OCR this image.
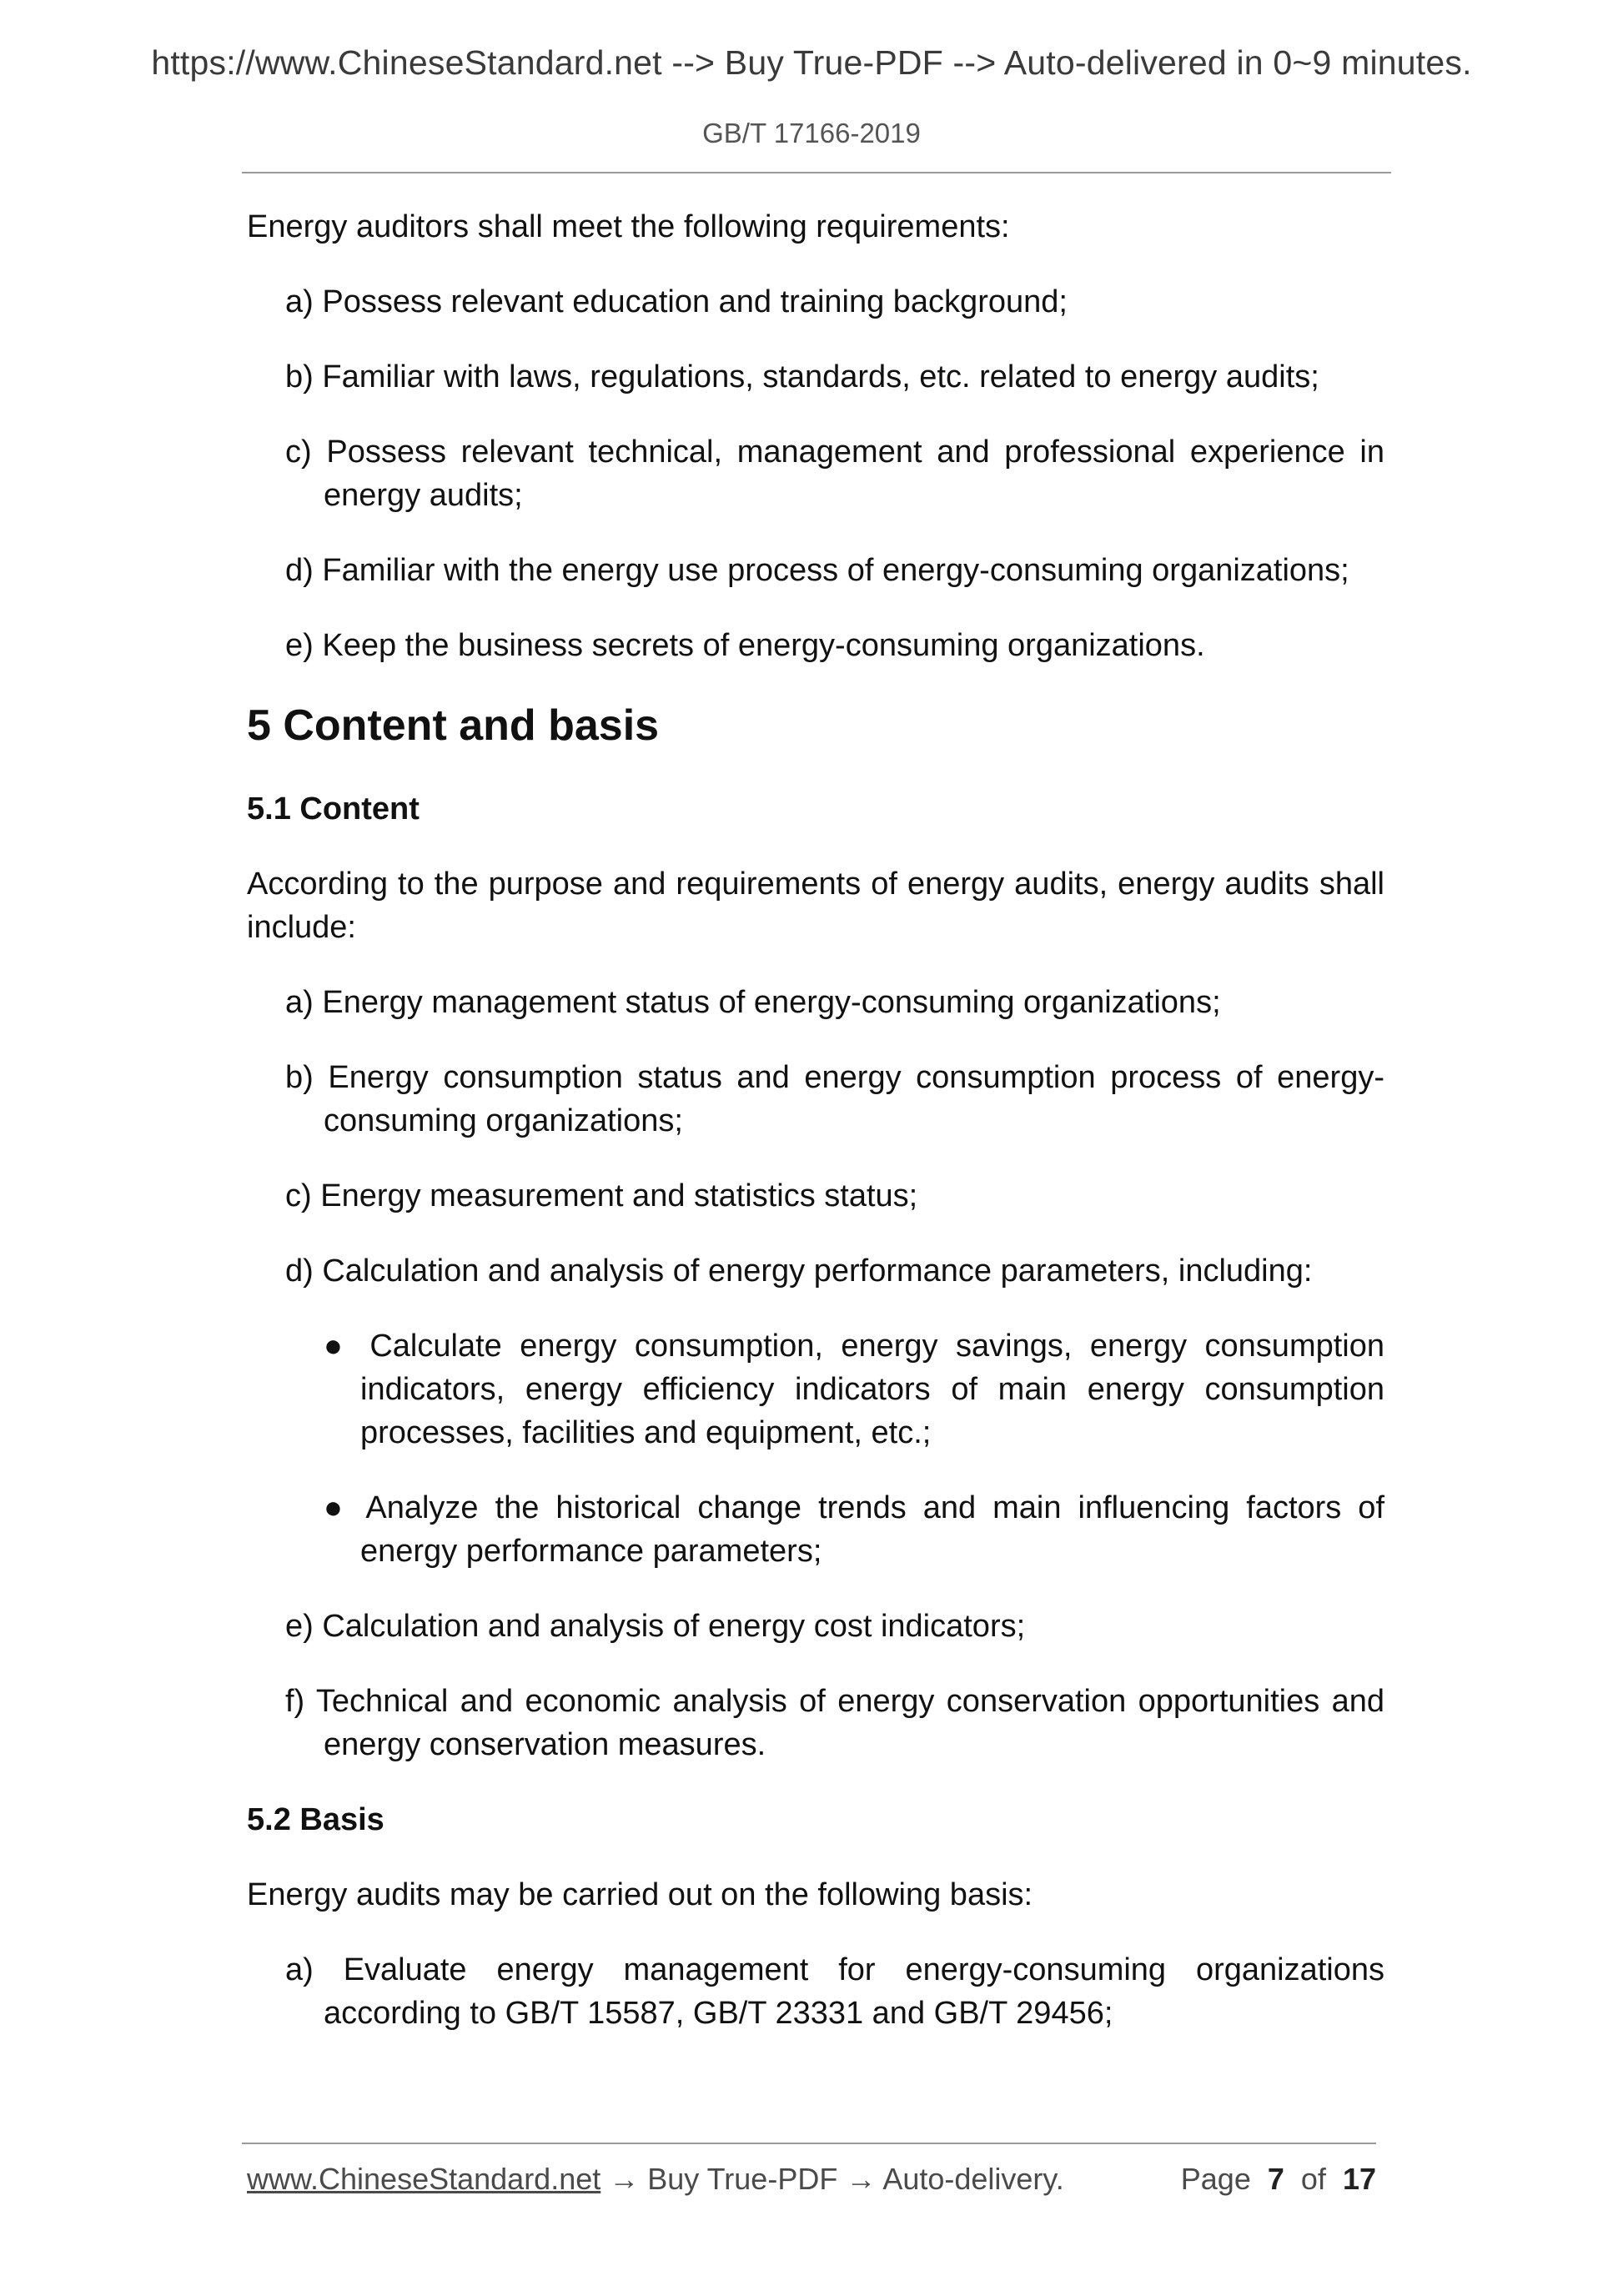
https://www.ChineseStandard.net --> Buy True-PDF --> Auto-delivered in 0~9 minutes.
GB/T 17166-2019

Energy auditors shall meet the following requirements:

a) Possess relevant education and training background;
b) Familiar with laws, regulations, standards, etc. related to energy audits;
c) Possess relevant technical, management and professional experience in energy audits;
d) Familiar with the energy use process of energy-consuming organizations;
e) Keep the business secrets of energy-consuming organizations.
5 Content and basis
5.1 Content

According to the purpose and requirements of energy audits, energy audits shall include:

a) Energy management status of energy-consuming organizations;
b) Energy consumption status and energy consumption process of energy-consuming organizations;
c) Energy measurement and statistics status;
d) Calculation and analysis of energy performance parameters, including:
● Calculate energy consumption, energy savings, energy consumption indicators, energy efficiency indicators of main energy consumption processes, facilities and equipment, etc.;
● Analyze the historical change trends and main influencing factors of energy performance parameters;
e) Calculation and analysis of energy cost indicators;
f) Technical and economic analysis of energy conservation opportunities and energy conservation measures.
5.2 Basis

Energy audits may be carried out on the following basis:

a) Evaluate energy management for energy-consuming organizations according to GB/T 15587, GB/T 23331 and GB/T 29456;
www.ChineseStandard.net → Buy True-PDF → Auto-delivery.	Page 7 of 17
